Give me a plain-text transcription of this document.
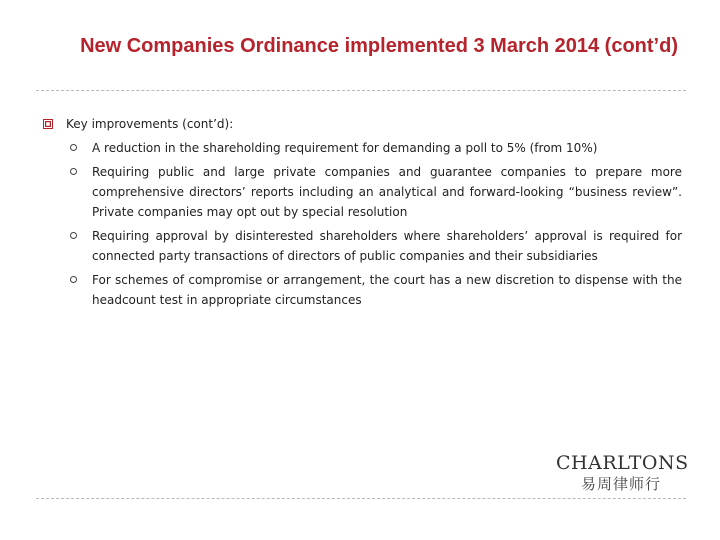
New Companies Ordinance implemented 3 March 2014 (cont’d)
Key improvements (cont’d):
A reduction in the shareholding requirement for demanding a poll to 5% (from 10%)
Requiring public and large private companies and guarantee companies to prepare more comprehensive directors’ reports including an analytical and forward-looking “business review”. Private companies may opt out by special resolution
Requiring approval by disinterested shareholders where shareholders’ approval is required for connected party transactions of directors of public companies and their subsidiaries
For schemes of compromise or arrangement, the court has a new discretion to dispense with the headcount test in appropriate circumstances
CHARLTONS
易周律师行
